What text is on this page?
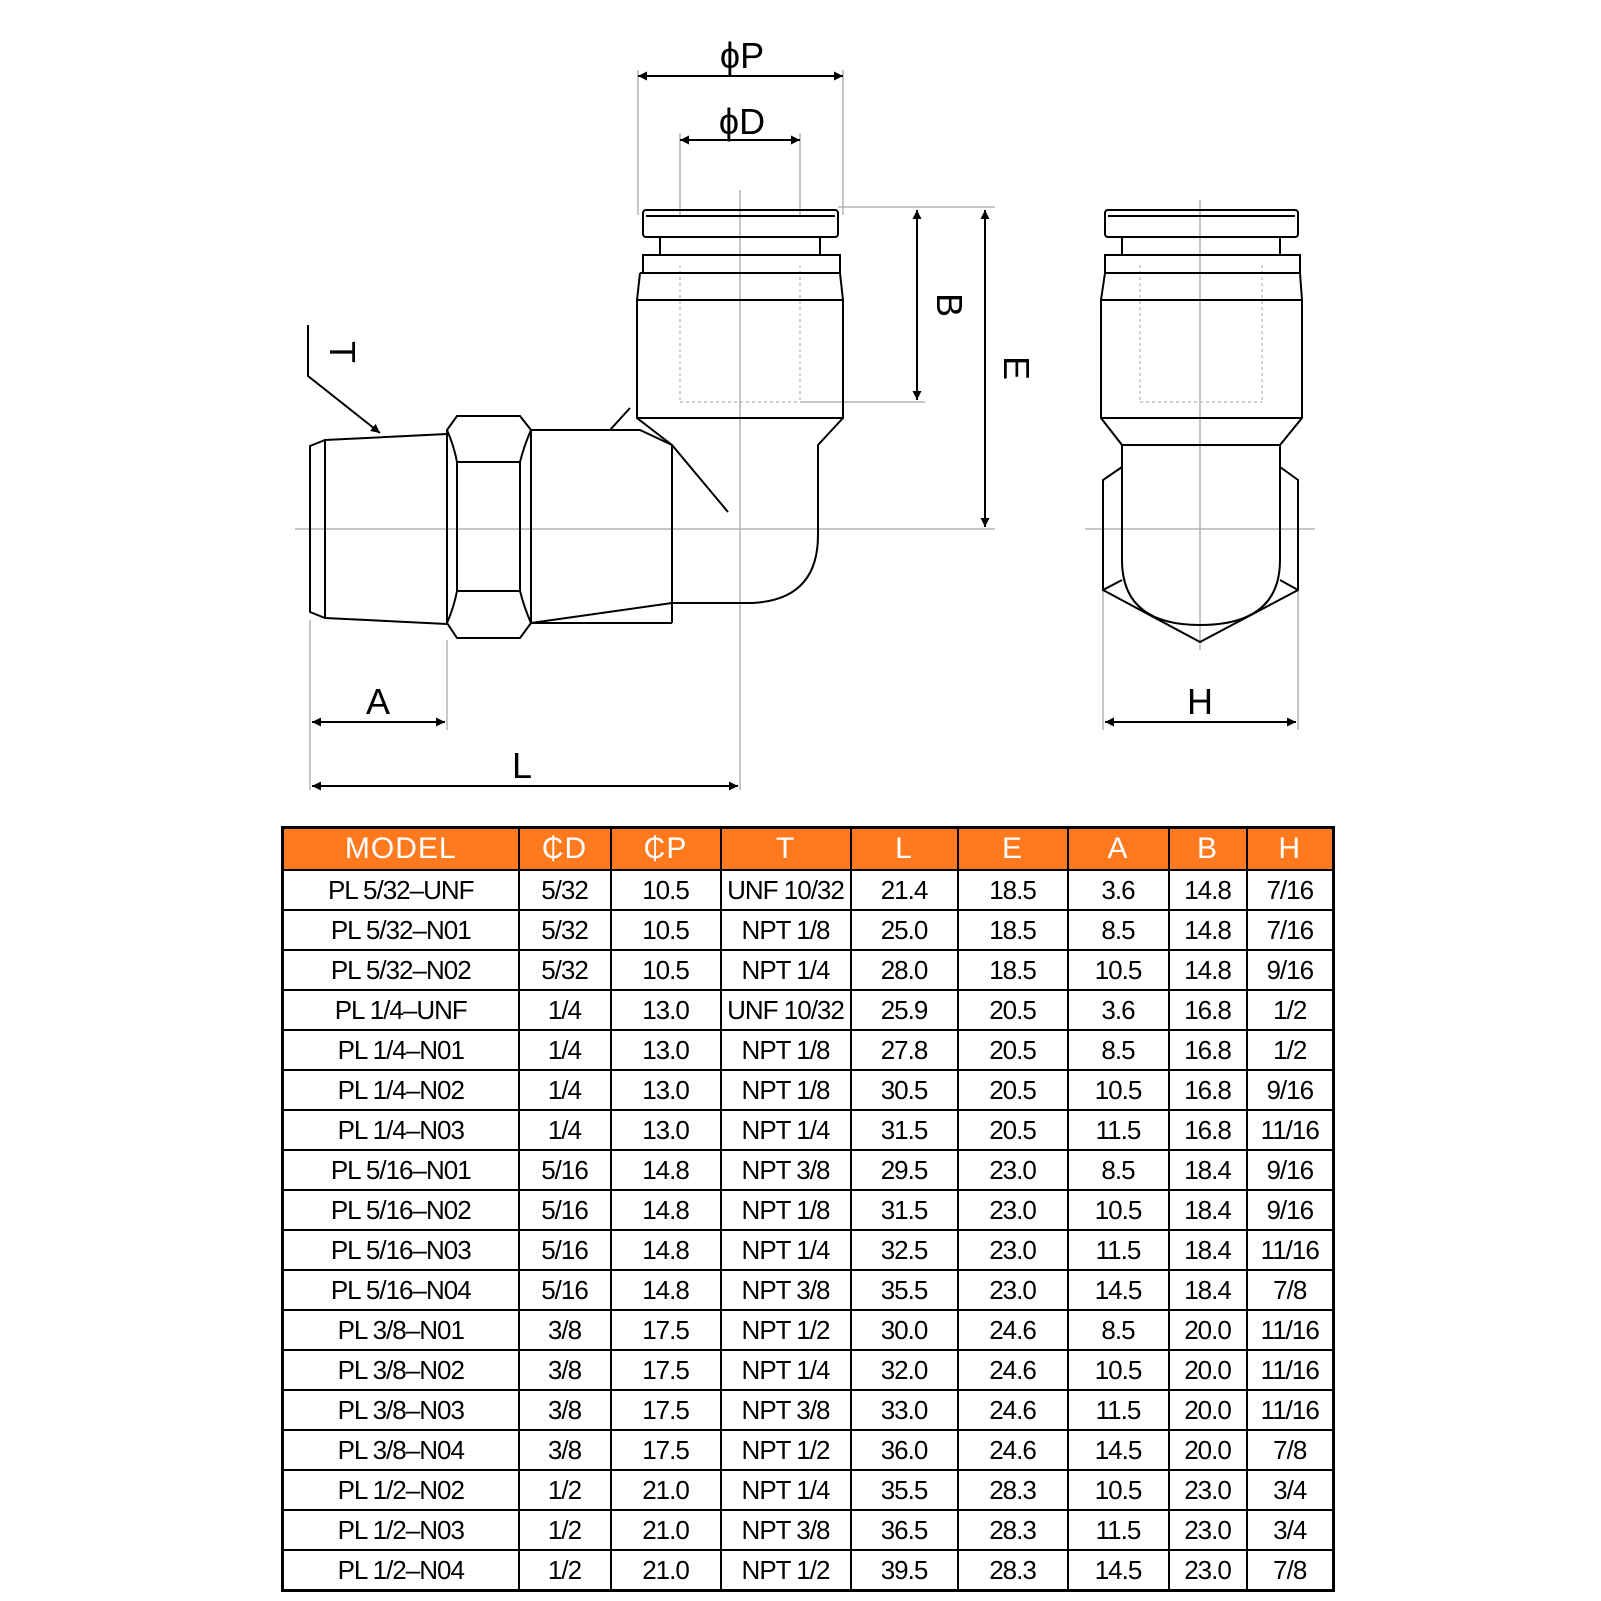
ϕP
ϕD
T
B
E
A
L
H
MODEL	₵D	₵P	T	L	E	A	B	H
PL 5/32–UNF	5/32	10.5	UNF 10/32	21.4	18.5	3.6	14.8	7/16
PL 5/32–N01	5/32	10.5	NPT 1/8	25.0	18.5	8.5	14.8	7/16
PL 5/32–N02	5/32	10.5	NPT 1/4	28.0	18.5	10.5	14.8	9/16
PL 1/4–UNF	1/4	13.0	UNF 10/32	25.9	20.5	3.6	16.8	1/2
PL 1/4–N01	1/4	13.0	NPT 1/8	27.8	20.5	8.5	16.8	1/2
PL 1/4–N02	1/4	13.0	NPT 1/8	30.5	20.5	10.5	16.8	9/16
PL 1/4–N03	1/4	13.0	NPT 1/4	31.5	20.5	11.5	16.8	11/16
PL 5/16–N01	5/16	14.8	NPT 3/8	29.5	23.0	8.5	18.4	9/16
PL 5/16–N02	5/16	14.8	NPT 1/8	31.5	23.0	10.5	18.4	9/16
PL 5/16–N03	5/16	14.8	NPT 1/4	32.5	23.0	11.5	18.4	11/16
PL 5/16–N04	5/16	14.8	NPT 3/8	35.5	23.0	14.5	18.4	7/8
PL 3/8–N01	3/8	17.5	NPT 1/2	30.0	24.6	8.5	20.0	11/16
PL 3/8–N02	3/8	17.5	NPT 1/4	32.0	24.6	10.5	20.0	11/16
PL 3/8–N03	3/8	17.5	NPT 3/8	33.0	24.6	11.5	20.0	11/16
PL 3/8–N04	3/8	17.5	NPT 1/2	36.0	24.6	14.5	20.0	7/8
PL 1/2–N02	1/2	21.0	NPT 1/4	35.5	28.3	10.5	23.0	3/4
PL 1/2–N03	1/2	21.0	NPT 3/8	36.5	28.3	11.5	23.0	3/4
PL 1/2–N04	1/2	21.0	NPT 1/2	39.5	28.3	14.5	23.0	7/8
